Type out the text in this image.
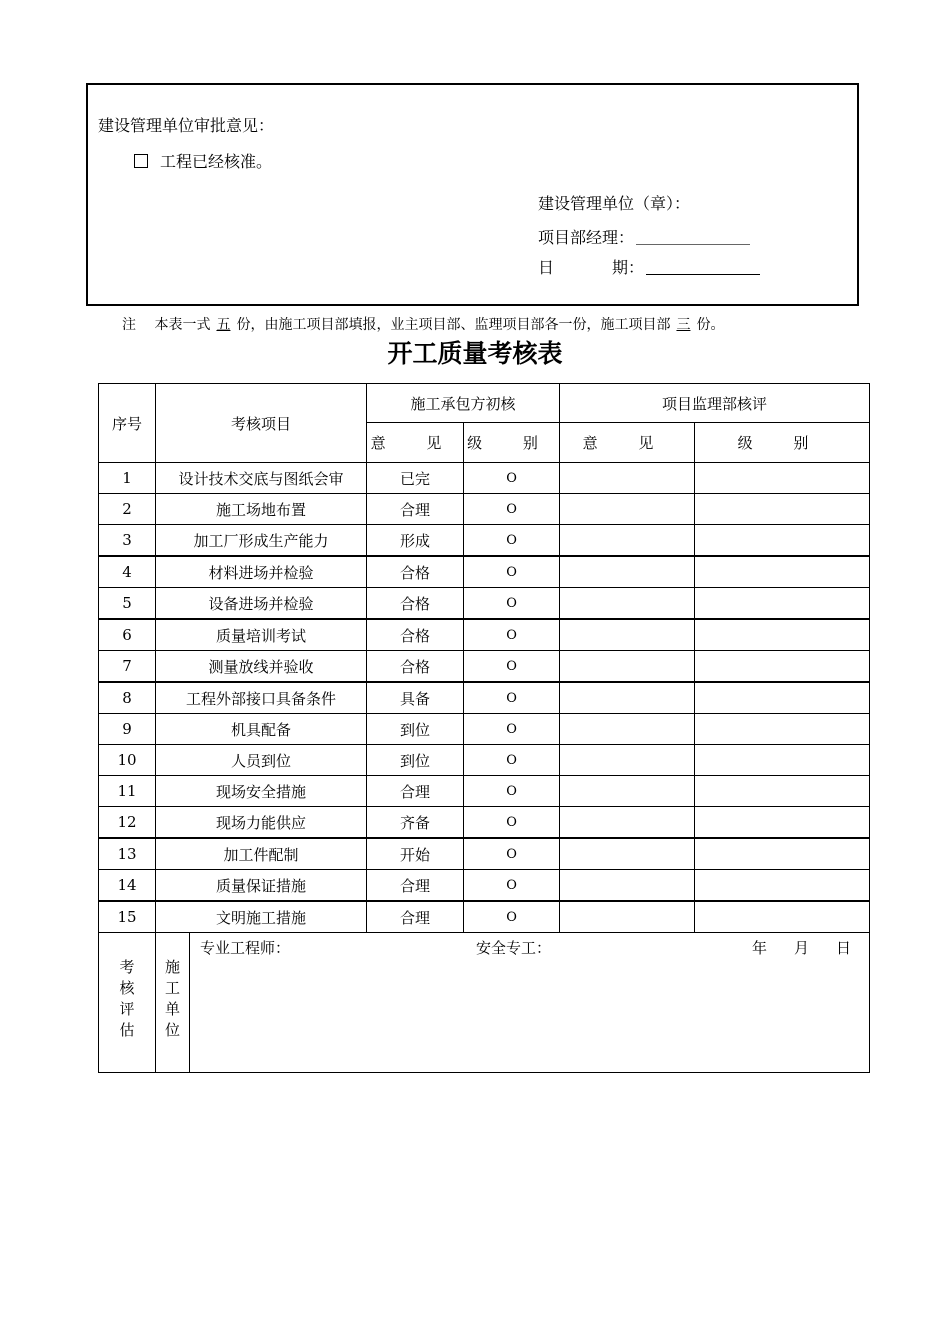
建设管理单位审批意见：
工程已经核准。
建设管理单位（章）：
项目部经理：
日	期：
注　 本表一式 五 份，由施工项目部填报，业主项目部、监理项目部各一份，施工项目部 三 份。
开工质量考核表
序号	考核项目		施工承包方初核		项目监理部核评	
			意 见	级 别	意 见	级 别
1	设计技术交底与图纸会审		已完	O		
2	施工场地布置		合理	O		
3	加工厂形成生产能力		形成	O		
4	材料进场并检验		合格	O		
5	设备进场并检验		合格	O		
6	质量培训考试		合格	O		
7	测量放线并验收		合格	O		
8	工程外部接口具备条件		具备	O		
9	机具配备		到位	O		
10	人员到位		到位	O		
11	现场安全措施		合理	O		
12	现场力能供应		齐备	O		
13	加工件配制		开始	O		
14	质量保证措施		合理	O		
15	文明施工措施		合理	O		
考核评估	施工单位	专业工程师： 安全专工： 年 月 日				
